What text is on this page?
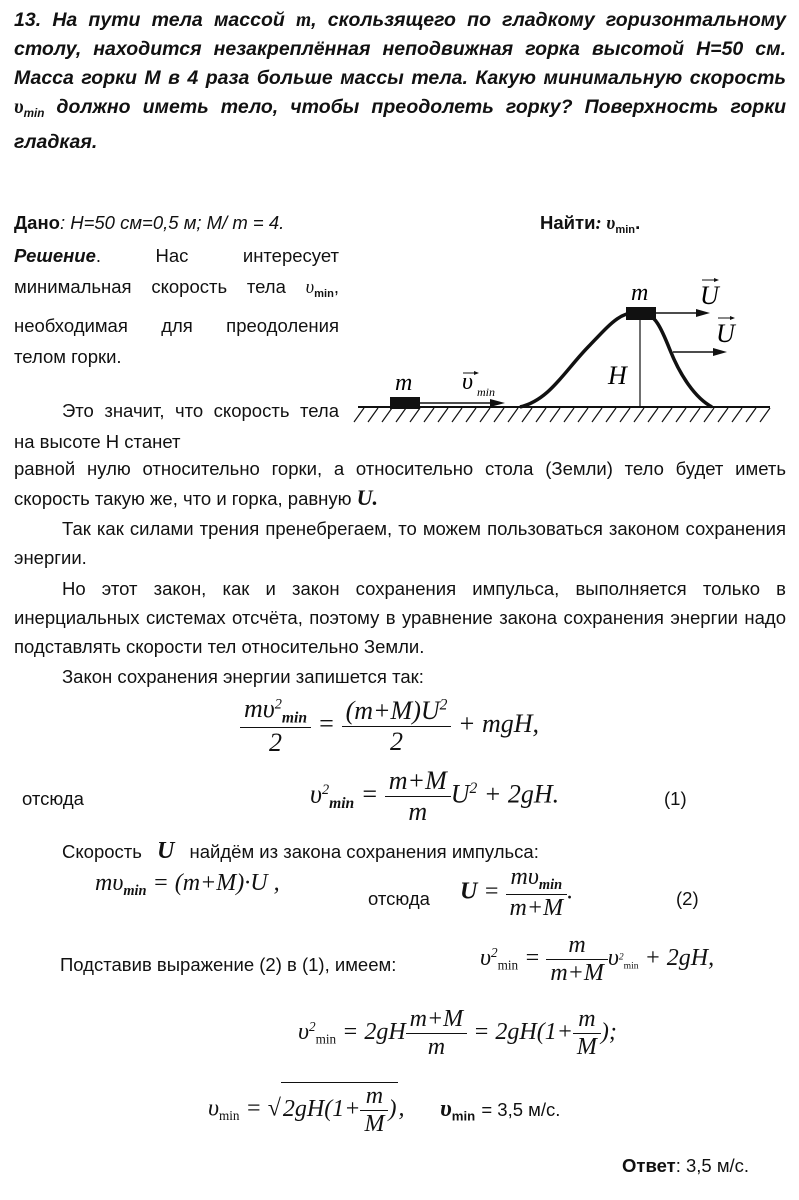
13. На пути тела массой m, скользящего по гладкому горизонтальному столу, находится незакреплённая неподвижная горка высотой H=50 см. Масса горки М в 4 раза больше массы тела. Какую минимальную скорость $\upsilon_{min}$ должно иметь тело, чтобы преодолеть горку? Поверхность горки гладкая.
Дано: H=50 см=0,5 м; M/ m = 4.	Найти: $\upsilon_{min}$.
Решение. Нас интересует минимальная скорость тела $\upsilon_{min}$, необходимая для преодоления телом горки.
Это значит, что скорость тела на высоте H станет
m υ min
m U
U
H
равной нулю относительно горки, а относительно стола (Земли) тело будет иметь скорость такую же, что и горка, равную U.
Так как силами трения пренебрегаем, то можем пользоваться законом сохранения энергии.
Но этот закон, как и закон сохранения импульса, выполняется только в инерциальных системах отсчёта, поэтому в уравнение закона сохранения энергии надо подставлять скорости тел относительно Земли.
Закон сохранения энергии запишется так:
$\frac{m\upsilon^2_{min}}{2} = \frac{(m+M)U^2}{2}$ + mgH,
отсюда	$\upsilon^2_{min} = \frac{m+M}{m} U^2 + 2gH$.	(1)
Скорость U найдём из закона сохранения импульса:
$m\upsilon_{min} = (m+M)\cdot U$ ,
отсюда $U = \frac{m\upsilon_{min}}{m+M}$ .	(2)
Подставив выражение (2) в (1), имеем:	$\upsilon^2\min = \frac{m}{m+M} \upsilon^2\min + 2gH$,
$\upsilon^2\min = 2gH \frac{m+M}{m} = 2gH(1+ \frac{m}{M}$ );
$\upsilon\min = √2gH(1+ \frac{m}{M}$ ), $\upsilon_{min} = 3,5$ м/с.
Ответ: 3,5 м/с.
